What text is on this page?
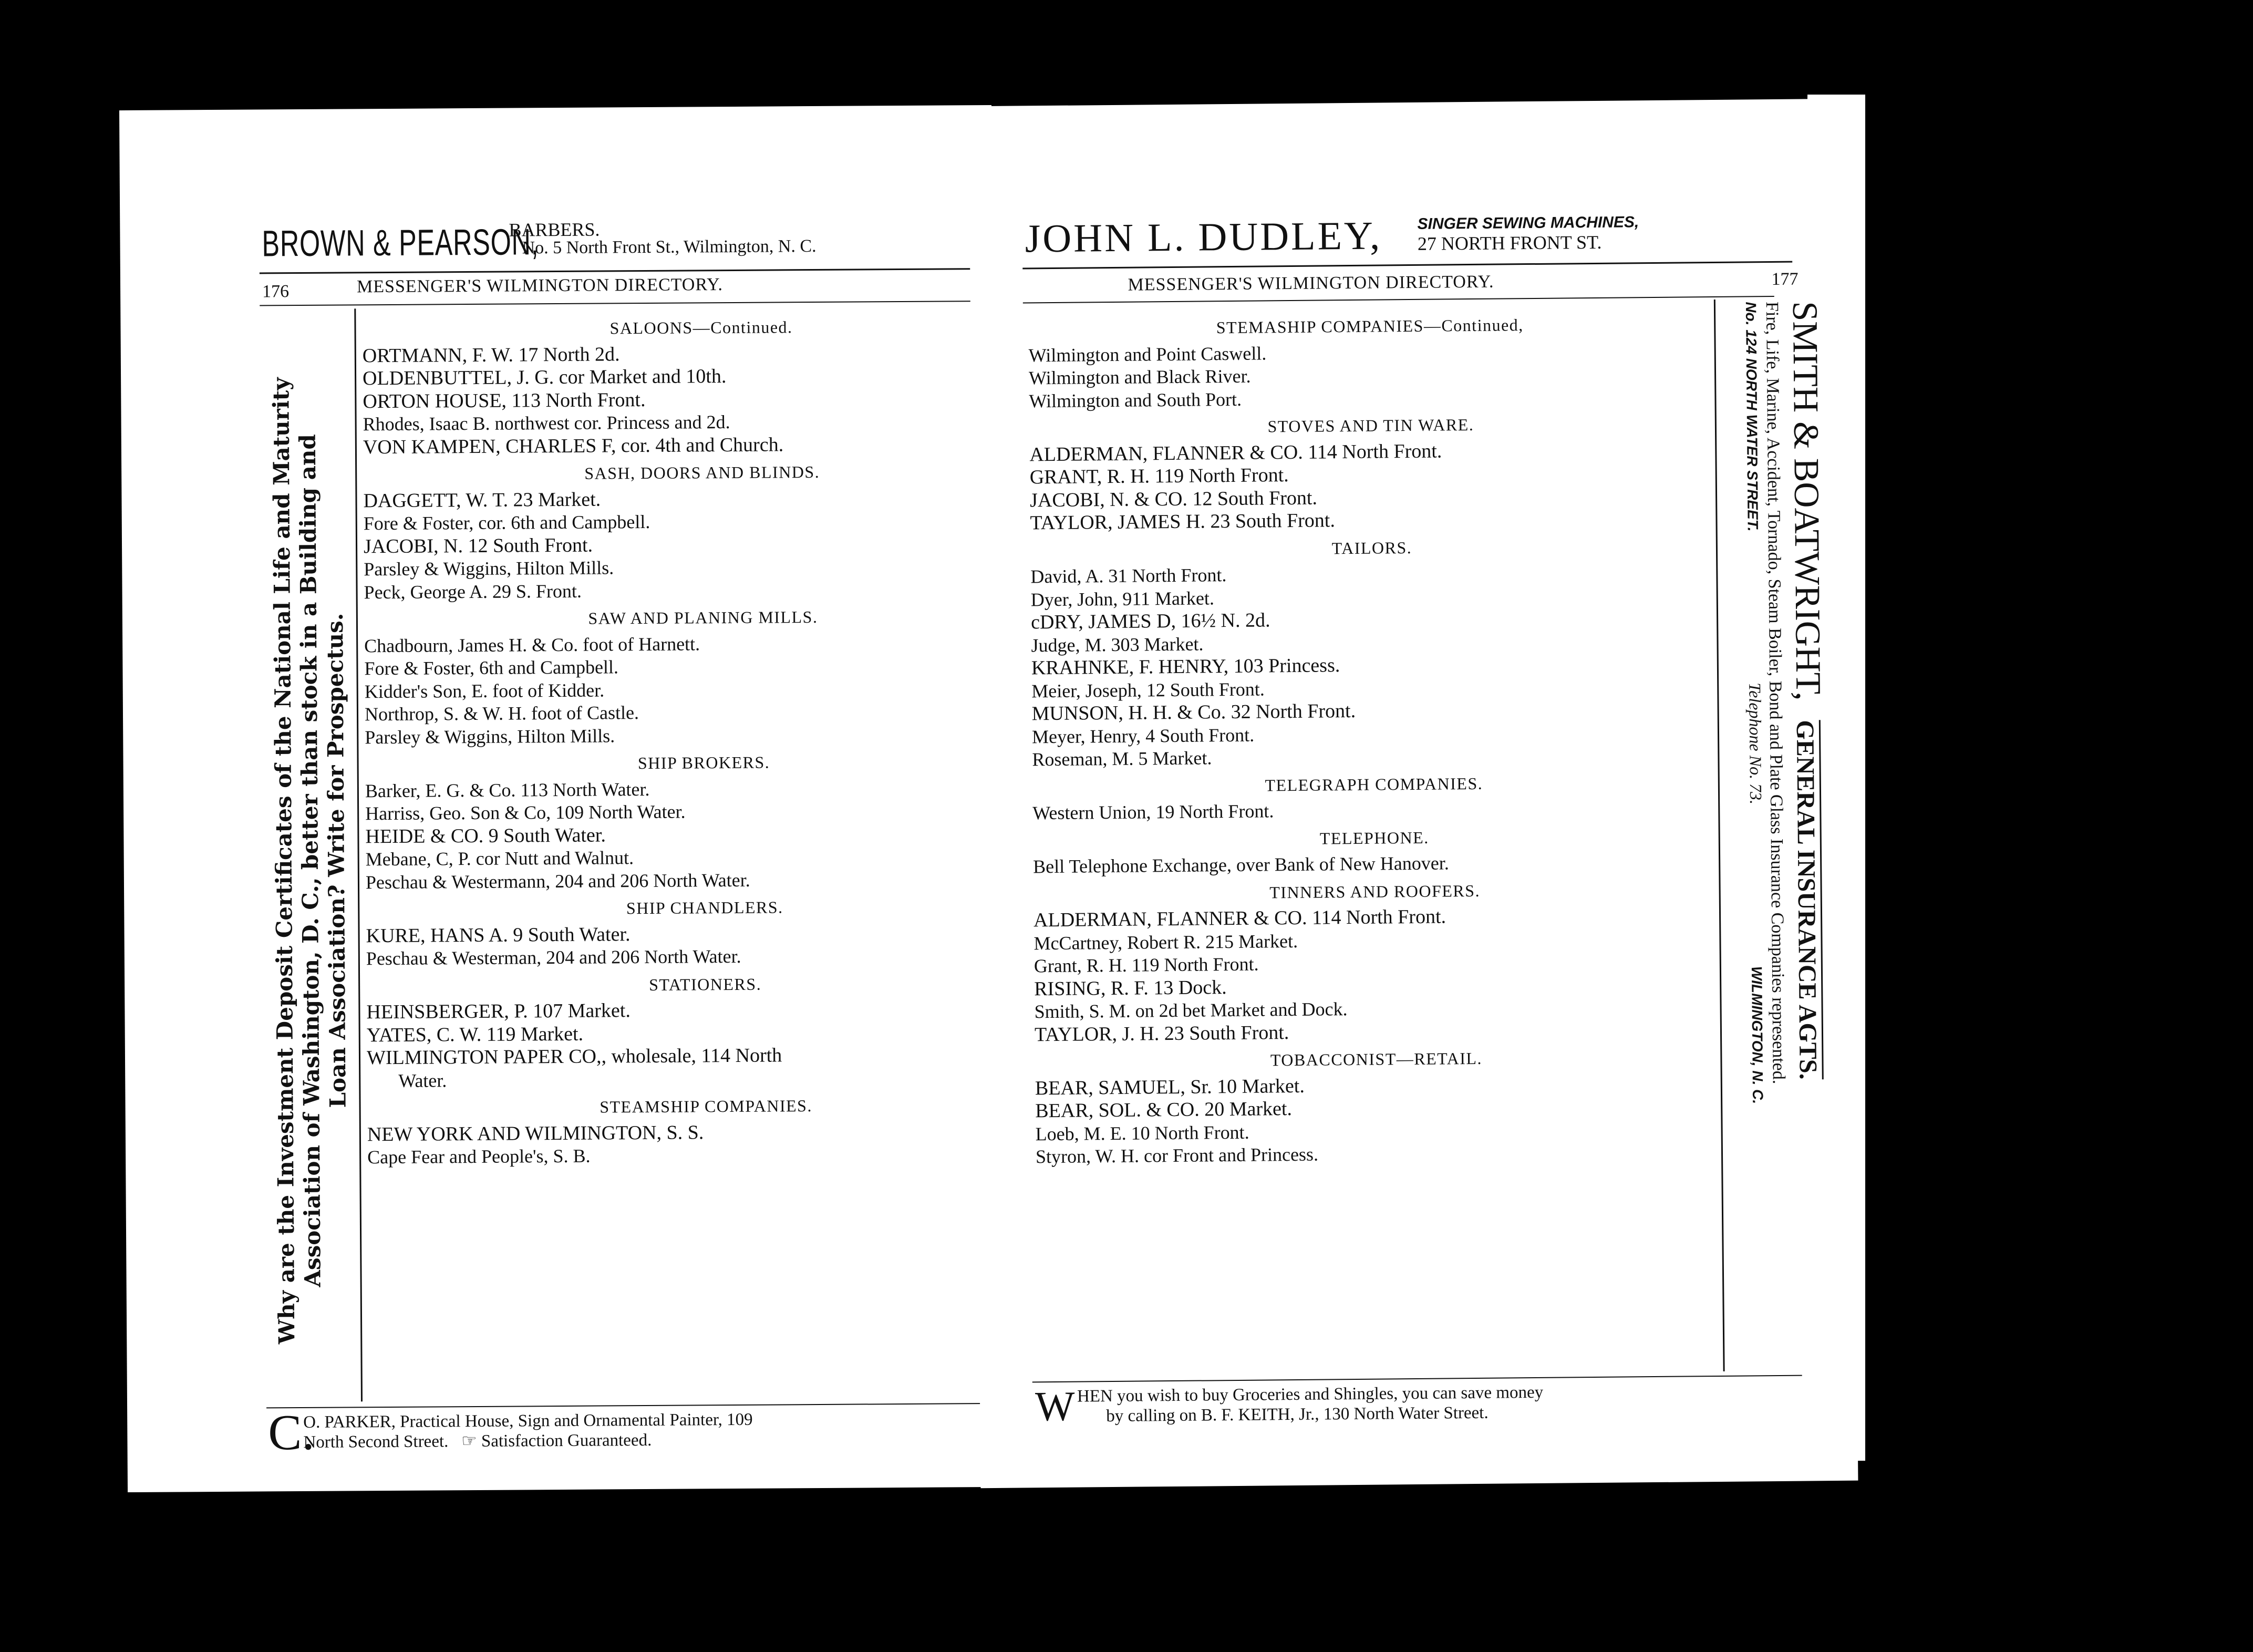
BROWN & PEARSON,
BARBERS.
No. 5 North Front St., Wilmington, N. C.
176	MESSENGER'S WILMINGTON DIRECTORY.
Why are the Investment Deposit Certificates of the National Life and Maturity
Association of Washington, D. C., better than stock in a Building and
Loan Association? Write for Prospectus.
SALOONS—Continued.
ORTMANN, F. W. 17 North 2d.
OLDENBUTTEL, J. G. cor Market and 10th.
ORTON HOUSE, 113 North Front.
Rhodes, Isaac B. northwest cor. Princess and 2d.
VON KAMPEN, CHARLES F, cor. 4th and Church.
SASH, DOORS AND BLINDS.
DAGGETT, W. T. 23 Market.
Fore & Foster, cor. 6th and Campbell.
JACOBI, N. 12 South Front.
Parsley & Wiggins, Hilton Mills.
Peck, George A. 29 S. Front.
SAW AND PLANING MILLS.
Chadbourn, James H. & Co. foot of Harnett.
Fore & Foster, 6th and Campbell.
Kidder's Son, E. foot of Kidder.
Northrop, S. & W. H. foot of Castle.
Parsley & Wiggins, Hilton Mills.
SHIP BROKERS.
Barker, E. G. & Co. 113 North Water.
Harriss, Geo. Son & Co, 109 North Water.
HEIDE & CO. 9 South Water.
Mebane, C, P. cor Nutt and Walnut.
Peschau & Westermann, 204 and 206 North Water.
SHIP CHANDLERS.
KURE, HANS A. 9 South Water.
Peschau & Westerman, 204 and 206 North Water.
STATIONERS.
HEINSBERGER, P. 107 Market.
YATES, C. W. 119 Market.
WILMINGTON PAPER CO,, wholesale, 114 North
Water.
STEAMSHIP COMPANIES.
NEW YORK AND WILMINGTON, S. S.
Cape Fear and People's, S. B.
C.
O. PARKER, Practical House, Sign and Ornamental Painter, 109
North Second Street. ☞ Satisfaction Guaranteed.
JOHN L. DUDLEY, SINGER SEWING MACHINES,
27 NORTH FRONT ST.
MESSENGER'S WILMINGTON DIRECTORY.	177
STEMASHIP COMPANIES—Continued,
Wilmington and Point Caswell.
Wilmington and Black River.
Wilmington and South Port.
STOVES AND TIN WARE.
ALDERMAN, FLANNER & CO. 114 North Front.
GRANT, R. H. 119 North Front.
JACOBI, N. & CO. 12 South Front.
TAYLOR, JAMES H. 23 South Front.
TAILORS.
David, A. 31 North Front.
Dyer, John, 911 Market.
cDRY, JAMES D, 16½ N. 2d.
Judge, M. 303 Market.
KRAHNKE, F. HENRY, 103 Princess.
Meier, Joseph, 12 South Front.
MUNSON, H. H. & Co. 32 North Front.
Meyer, Henry, 4 South Front.
Roseman, M. 5 Market.
TELEGRAPH COMPANIES.
Western Union, 19 North Front.
TELEPHONE.
Bell Telephone Exchange, over Bank of New Hanover.
TINNERS AND ROOFERS.
ALDERMAN, FLANNER & CO. 114 North Front.
McCartney, Robert R. 215 Market.
Grant, R. H. 119 North Front.
RISING, R. F. 13 Dock.
Smith, S. M. on 2d bet Market and Dock.
TAYLOR, J. H. 23 South Front.
TOBACCONIST—RETAIL.
BEAR, SAMUEL, Sr. 10 Market.
BEAR, SOL. & CO. 20 Market.
Loeb, M. E. 10 North Front.
Styron, W. H. cor Front and Princess.
SMITH & BOATWRIGHT, GENERAL INSURANCE AGTS.
Fire, Life, Marine, Accident, Tornado, Steam Boiler, Bond and Plate Glass Insurance Companies represented.
No. 124 NORTH WATER STREET. Telephone No. 73. WILMINGTON, N. C.
W HEN you wish to buy Groceries and Shingles, you can save money
by calling on B. F. KEITH, Jr., 130 North Water Street.
